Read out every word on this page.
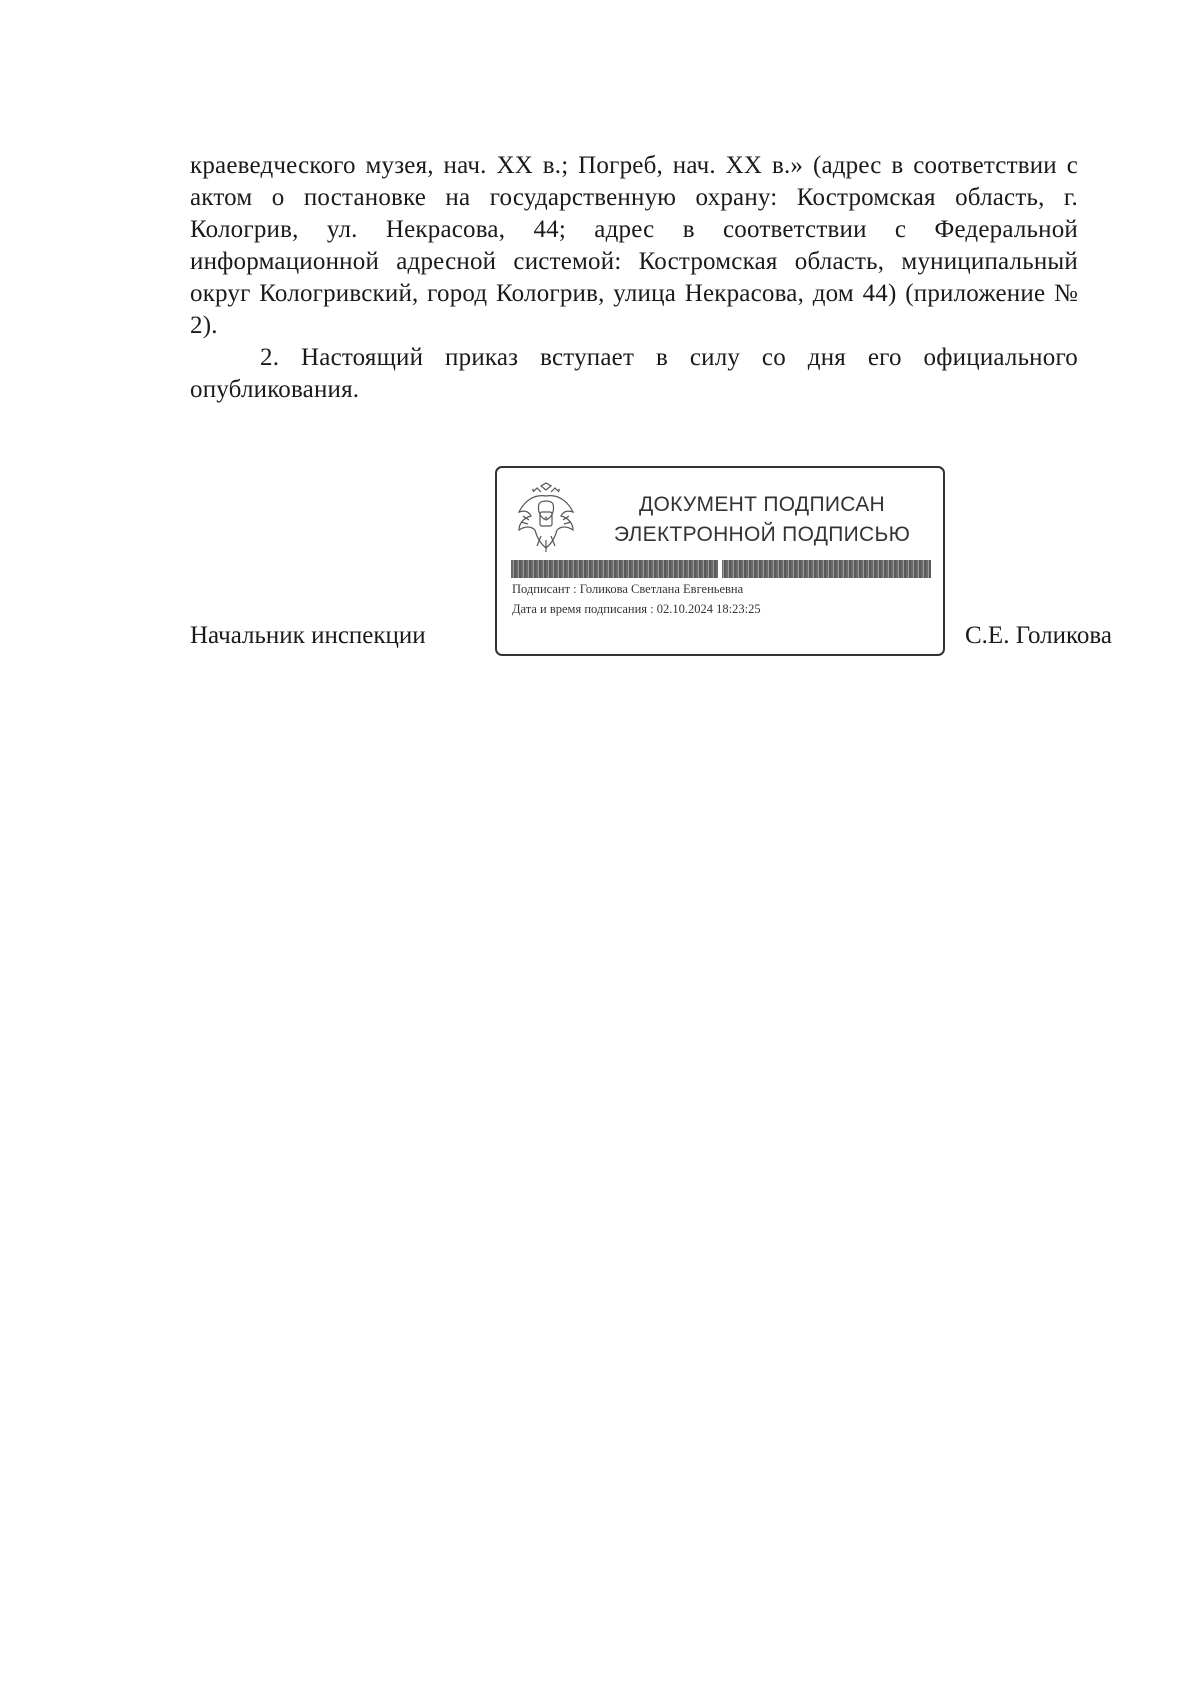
краеведческого музея, нач. XX в.; Погреб, нач. XX в.» (адрес в соответствии с актом о постановке на государственную охрану: Костромская область, г. Кологрив, ул. Некрасова, 44; адрес в соответствии с Федеральной информационной адресной системой: Костромская область, муниципальный округ Кологривский, город Кологрив, улица Некрасова, дом 44) (приложение № 2).

2. Настоящий приказ вступает в силу со дня его официального опубликования.

Начальник инспекции
ДОКУМЕНТ ПОДПИСАН
ЭЛЕКТРОННОЙ ПОДПИСЬЮ
Подписант : Голикова Светлана Евгеньевна
Дата и время подписания : 02.10.2024 18:23:25
С.Е. Голикова
